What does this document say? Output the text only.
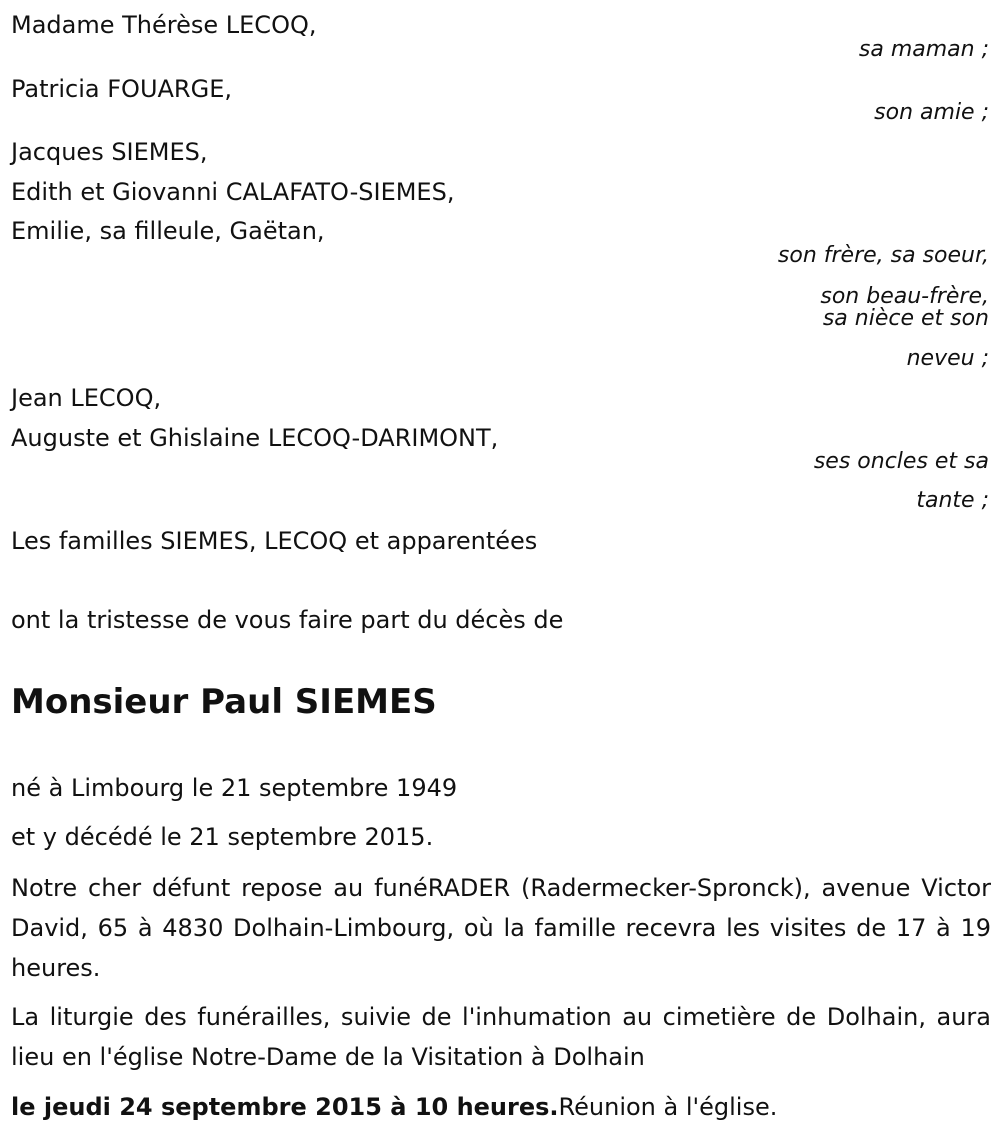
Madame Thérèse LECOQ,
sa maman ;
Patricia FOUARGE,
son amie ;
Jacques SIEMES,
Edith et Giovanni CALAFATO-SIEMES,
Emilie, sa filleule, Gaëtan,
son frère, sa soeur,
son beau-frère,
sa nièce et son
neveu ;
Jean LECOQ,
Auguste et Ghislaine LECOQ-DARIMONT,
ses oncles et sa
tante ;
Les familles SIEMES, LECOQ et apparentées
ont la tristesse de vous faire part du décès de
Monsieur Paul SIEMES
né à Limbourg le 21 septembre 1949
et y décédé le 21 septembre 2015.
Notre cher défunt repose au funéRADER (Radermecker-Spronck), avenue Victor David, 65 à 4830 Dolhain-Limbourg, où la famille recevra les visites de 17 à 19 heures.
La liturgie des funérailles, suivie de l'inhumation au cimetière de Dolhain, aura lieu en l'église Notre-Dame de la Visitation à Dolhain
le jeudi 24 septembre 2015 à 10 heures.Réunion à l'église.
